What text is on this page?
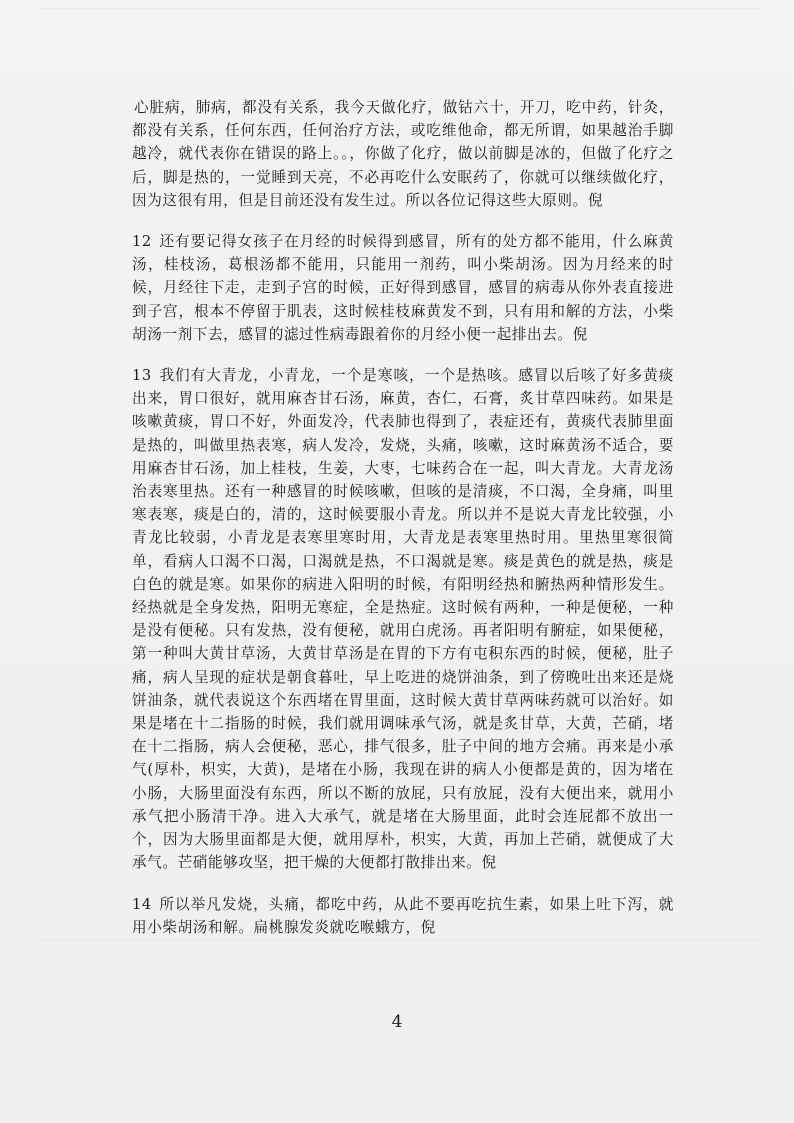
心脏病，肺病，都没有关系，我今天做化疗，做钴六十，开刀，吃中药，针灸，都没有关系，任何东西，任何治疗方法，或吃维他命，都无所谓，如果越治手脚越冷，就代表你在错误的路上。。，你做了化疗，做以前脚是冰的，但做了化疗之后，脚是热的，一觉睡到天亮，不必再吃什么安眠药了，你就可以继续做化疗，因为这很有用，但是目前还没有发生过。所以各位记得这些大原则。倪

12 还有要记得女孩子在月经的时候得到感冒，所有的处方都不能用，什么麻黄汤，桂枝汤，葛根汤都不能用，只能用一剂药，叫小柴胡汤。因为月经来的时候，月经往下走，走到子宫的时候，正好得到感冒，感冒的病毒从你外表直接进到子宫，根本不停留于肌表，这时候桂枝麻黄发不到，只有用和解的方法，小柴胡汤一剂下去，感冒的滤过性病毒跟着你的月经小便一起排出去。倪

13 我们有大青龙，小青龙，一个是寒咳，一个是热咳。感冒以后咳了好多黄痰出来，胃口很好，就用麻杏甘石汤，麻黄，杏仁，石膏，炙甘草四味药。如果是咳嗽黄痰，胃口不好，外面发冷，代表肺也得到了，表症还有，黄痰代表肺里面是热的，叫做里热表寒，病人发冷，发烧，头痛，咳嗽，这时麻黄汤不适合，要用麻杏甘石汤，加上桂枝，生姜，大枣，七味药合在一起，叫大青龙。大青龙汤治表寒里热。还有一种感冒的时候咳嗽，但咳的是清痰，不口渴，全身痛，叫里寒表寒，痰是白的，清的，这时候要服小青龙。所以并不是说大青龙比较强，小青龙比较弱，小青龙是表寒里寒时用，大青龙是表寒里热时用。里热里寒很简单，看病人口渴不口渴，口渴就是热，不口渴就是寒。痰是黄色的就是热，痰是白色的就是寒。如果你的病进入阳明的时候，有阳明经热和腑热两种情形发生。经热就是全身发热，阳明无寒症，全是热症。这时候有两种，一种是便秘，一种是没有便秘。只有发热，没有便秘，就用白虎汤。再者阳明有腑症，如果便秘，第一种叫大黄甘草汤，大黄甘草汤是在胃的下方有屯积东西的时候，便秘，肚子痛，病人呈现的症状是朝食暮吐，早上吃进的烧饼油条，到了傍晚吐出来还是烧饼油条，就代表说这个东西堵在胃里面，这时候大黄甘草两味药就可以治好。如果是堵在十二指肠的时候，我们就用调味承气汤，就是炙甘草，大黄，芒硝，堵在十二指肠，病人会便秘，恶心，排气很多，肚子中间的地方会痛。再来是小承气(厚朴，枳实，大黄)，是堵在小肠，我现在讲的病人小便都是黄的，因为堵在小肠，大肠里面没有东西，所以不断的放屁，只有放屁，没有大便出来，就用小承气把小肠清干净。进入大承气，就是堵在大肠里面，此时会连屁都不放出一个，因为大肠里面都是大便，就用厚朴，枳实，大黄，再加上芒硝，就便成了大承气。芒硝能够攻坚，把干燥的大便都打散排出来。倪

14 所以举凡发烧，头痛，都吃中药，从此不要再吃抗生素，如果上吐下泻，就用小柴胡汤和解。扁桃腺发炎就吃喉蛾方，倪

4
